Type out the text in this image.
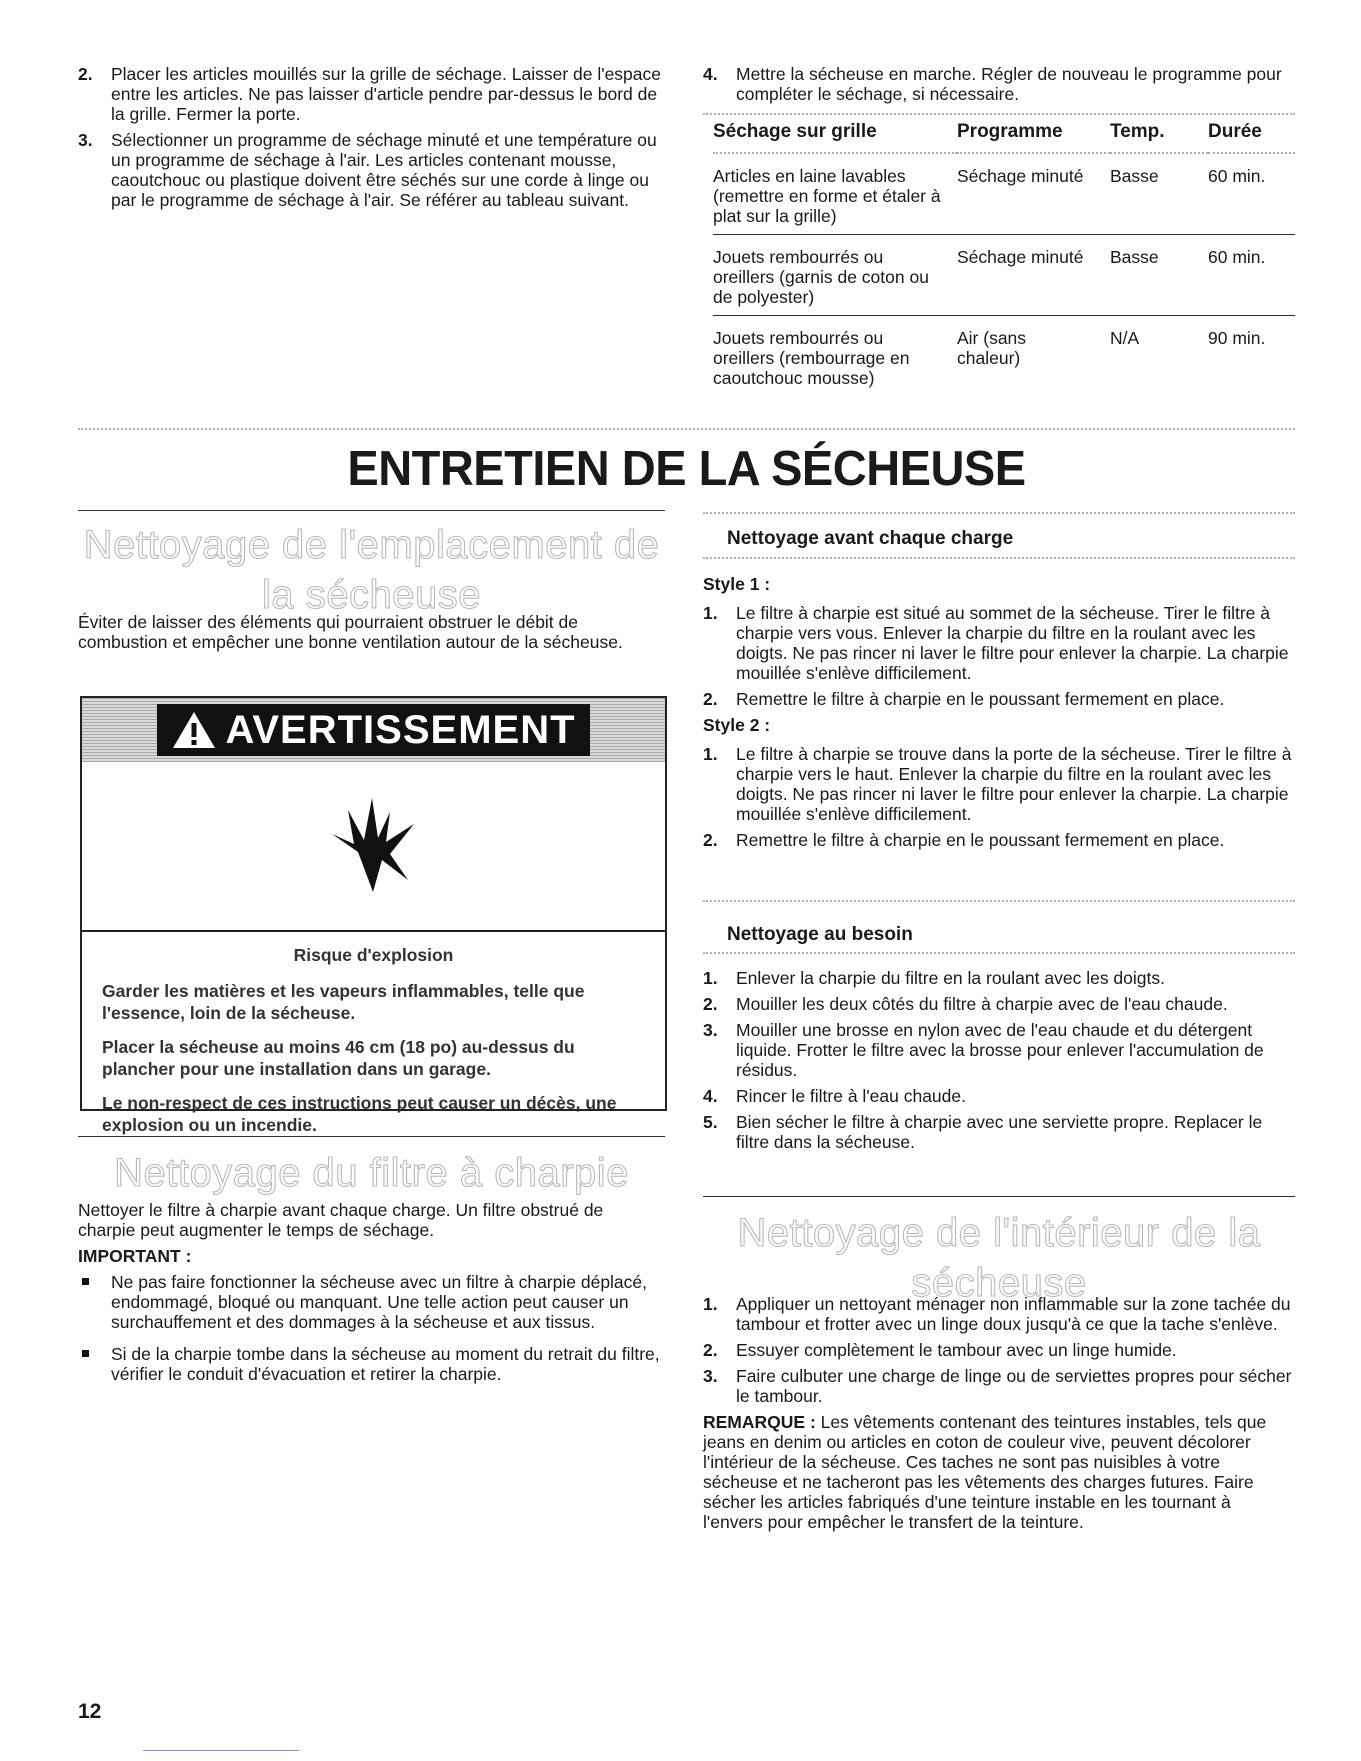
2. Placer les articles mouillés sur la grille de séchage. Laisser de l'espace entre les articles. Ne pas laisser d'article pendre par-dessus le bord de la grille. Fermer la porte.
3. Sélectionner un programme de séchage minuté et une température ou un programme de séchage à l'air. Les articles contenant mousse, caoutchouc ou plastique doivent être séchés sur une corde à linge ou par le programme de séchage à l'air. Se référer au tableau suivant.
4. Mettre la sécheuse en marche. Régler de nouveau le programme pour compléter le séchage, si nécessaire.
Séchage sur grille	Programme	Temp.	Durée
Articles en laine lavables (remettre en forme et étaler à plat sur la grille)	Séchage minuté	Basse	60 min.
Jouets rembourrés ou oreillers (garnis de coton ou de polyester)	Séchage minuté	Basse	60 min.
Jouets rembourrés ou oreillers (rembourrage en caoutchouc mousse)	Air (sans chaleur)	N/A	90 min.
ENTRETIEN DE LA SÉCHEUSE
Nettoyage de l'emplacement de la sécheuse

Éviter de laisser des éléments qui pourraient obstruer le débit de combustion et empêcher une bonne ventilation autour de la sécheuse.

AVERTISSEMENT

Risque d'explosion

Garder les matières et les vapeurs inflammables, telle que l'essence, loin de la sécheuse.

Placer la sécheuse au moins 46 cm (18 po) au-dessus du plancher pour une installation dans un garage.

Le non-respect de ces instructions peut causer un décès, une explosion ou un incendie.

Nettoyage du filtre à charpie

Nettoyer le filtre à charpie avant chaque charge. Un filtre obstrué de charpie peut augmenter le temps de séchage.

IMPORTANT :
Ne pas faire fonctionner la sécheuse avec un filtre à charpie déplacé, endommagé, bloqué ou manquant. Une telle action peut causer un surchauffement et des dommages à la sécheuse et aux tissus.
Si de la charpie tombe dans la sécheuse au moment du retrait du filtre, vérifier le conduit d'évacuation et retirer la charpie.
Nettoyage avant chaque charge
Style 1 :
1. Le filtre à charpie est situé au sommet de la sécheuse. Tirer le filtre à charpie vers vous. Enlever la charpie du filtre en la roulant avec les doigts. Ne pas rincer ni laver le filtre pour enlever la charpie. La charpie mouillée s'enlève difficilement.
2. Remettre le filtre à charpie en le poussant fermement en place.
Style 2 :
1. Le filtre à charpie se trouve dans la porte de la sécheuse. Tirer le filtre à charpie vers le haut. Enlever la charpie du filtre en la roulant avec les doigts. Ne pas rincer ni laver le filtre pour enlever la charpie. La charpie mouillée s'enlève difficilement.
2. Remettre le filtre à charpie en le poussant fermement en place.
Nettoyage au besoin
1. Enlever la charpie du filtre en la roulant avec les doigts.
2. Mouiller les deux côtés du filtre à charpie avec de l'eau chaude.
3. Mouiller une brosse en nylon avec de l'eau chaude et du détergent liquide. Frotter le filtre avec la brosse pour enlever l'accumulation de résidus.
4. Rincer le filtre à l'eau chaude.
5. Bien sécher le filtre à charpie avec une serviette propre. Replacer le filtre dans la sécheuse.
Nettoyage de l'intérieur de la sécheuse
1. Appliquer un nettoyant ménager non inflammable sur la zone tachée du tambour et frotter avec un linge doux jusqu'à ce que la tache s'enlève.
2. Essuyer complètement le tambour avec un linge humide.
3. Faire culbuter une charge de linge ou de serviettes propres pour sécher le tambour.

REMARQUE : Les vêtements contenant des teintures instables, tels que jeans en denim ou articles en coton de couleur vive, peuvent décolorer l'intérieur de la sécheuse. Ces taches ne sont pas nuisibles à votre sécheuse et ne tacheront pas les vêtements des charges futures. Faire sécher les articles fabriqués d'une teinture instable en les tournant à l'envers pour empêcher le transfert de la teinture.

12
